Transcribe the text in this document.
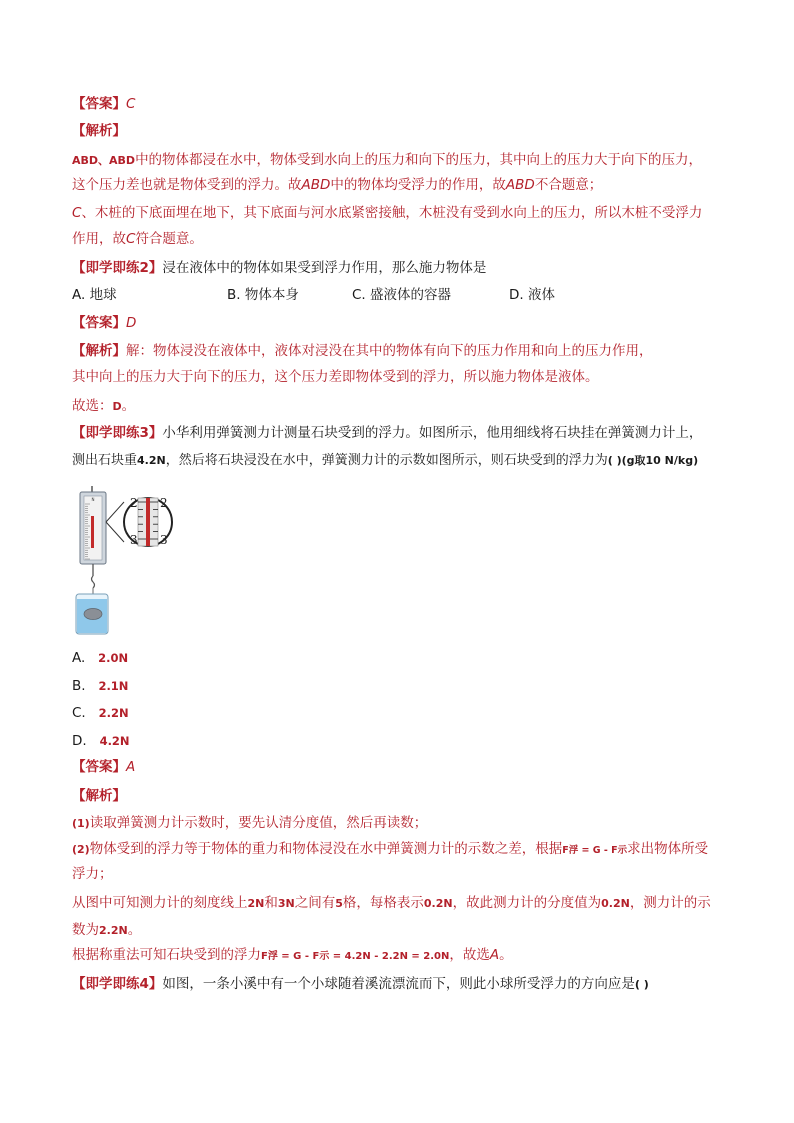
【答案】C
【解析】
ABD、ABD中的物体都浸在水中，物体受到水向上的压力和向下的压力，其中向上的压力大于向下的压力，
这个压力差也就是物体受到的浮力。故ABD中的物体均受浮力的作用，故ABD不合题意；
C、木桩的下底面埋在地下，其下底面与河水底紧密接触，木桩没有受到水向上的压力，所以木桩不受浮力
作用，故C符合题意。
【即学即练2】浸在液体中的物体如果受到浮力作用，那么施力物体是
A. 地球	B. 物体本身	C. 盛液体的容器	D. 液体
【答案】D
【解析】解：物体浸没在液体中，液体对浸没在其中的物体有向下的压力作用和向上的压力作用，
其中向上的压力大于向下的压力，这个压力差即物体受到的浮力，所以施力物体是液体。
故选：D。
【即学即练3】小华利用弹簧测力计测量石块受到的浮力。如图所示，他用细线将石块挂在弹簧测力计上，
测出石块重4.2N，然后将石块浸没在水中，弹簧测力计的示数如图所示，则石块受到的浮力为( )(g取10 N/kg)
N	2
3
2
3
A. 2.0N
B. 2.1N
C. 2.2N
D. 4.2N
【答案】A
【解析】
(1)读取弹簧测力计示数时，要先认清分度值，然后再读数；
(2)物体受到的浮力等于物体的重力和物体浸没在水中弹簧测力计的示数之差，根据F浮 = G - F示求出物体所受
浮力；
从图中可知测力计的刻度线上2N和3N之间有5格，每格表示0.2N，故此测力计的分度值为0.2N，测力计的示
数为2.2N。
根据称重法可知石块受到的浮力F浮 = G - F示 = 4.2N - 2.2N = 2.0N，故选A。
【即学即练4】如图，一条小溪中有一个小球随着溪流漂流而下，则此小球所受浮力的方向应是( )
